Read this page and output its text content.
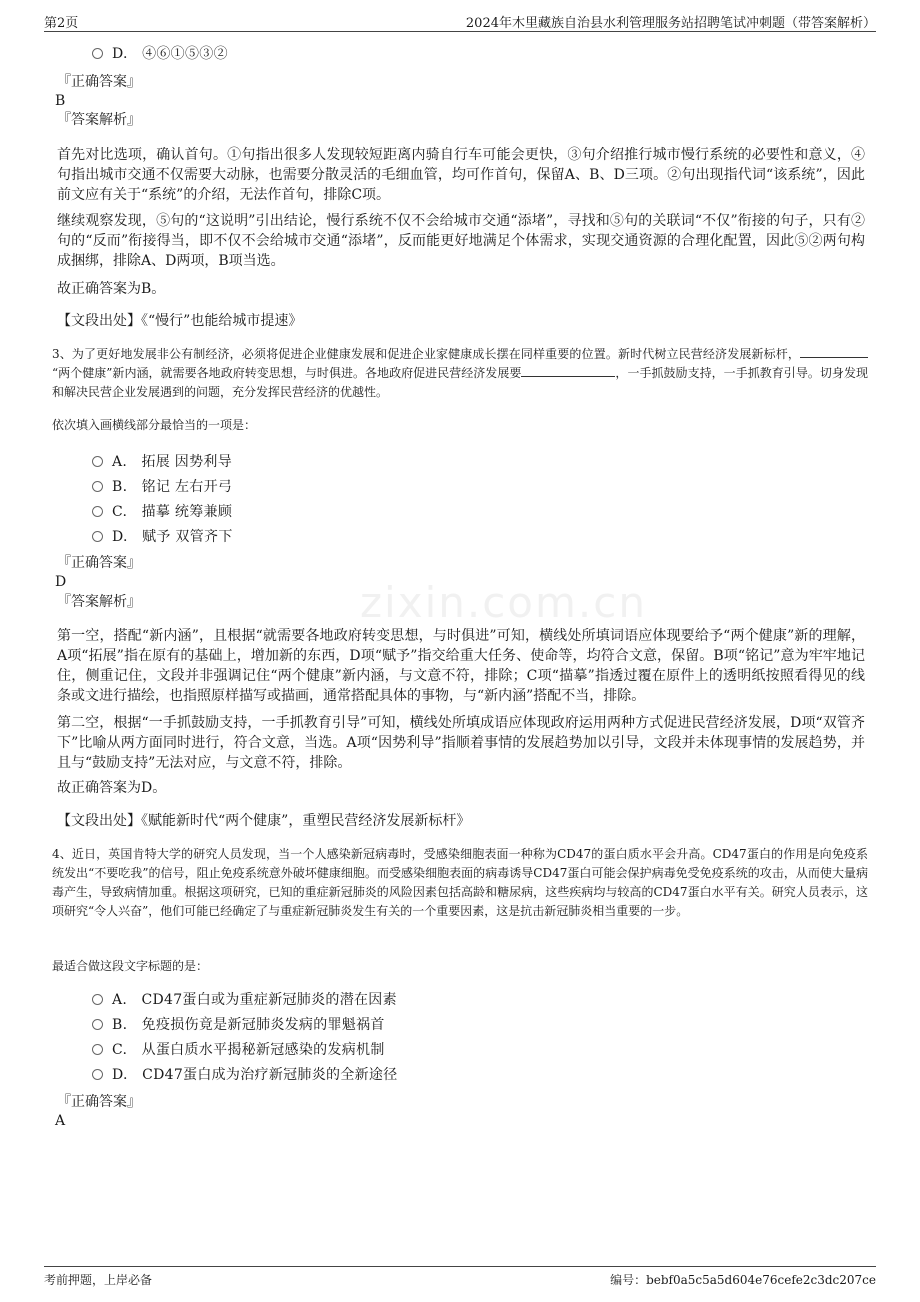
第2页	2024年木里藏族自治县水利管理服务站招聘笔试冲刺题（带答案解析）
zixin.com.cn
D.　④⑥①⑤③②
『正确答案』
B
『答案解析』
首先对比选项，确认首句。①句指出很多人发现较短距离内骑自行车可能会更快，③句介绍推行城市慢行系统的必要性和意义，④句指出城市交通不仅需要大动脉，也需要分散灵活的毛细血管，均可作首句，保留A、B、D三项。②句出现指代词“该系统”，因此前文应有关于“系统”的介绍，无法作首句，排除C项。
继续观察发现，⑤句的“这说明”引出结论，慢行系统不仅不会给城市交通“添堵”，寻找和⑤句的关联词“不仅”衔接的句子，只有②句的“反而”衔接得当，即不仅不会给城市交通“添堵”，反而能更好地满足个体需求，实现交通资源的合理化配置，因此⑤②两句构成捆绑，排除A、D两项，B项当选。
故正确答案为B。
【文段出处】《“慢行”也能给城市提速》
3、为了更好地发展非公有制经济，必须将促进企业健康发展和促进企业家健康成长摆在同样重要的位置。新时代树立民营经济发展新标杆，“两个健康”新内涵，就需要各地政府转变思想，与时俱进。各地政府促进民营经济发展要	，一手抓鼓励支持，一手抓教育引导。切身发现和解决民营企业发展遇到的问题，充分发挥民营经济的优越性。
依次填入画横线部分最恰当的一项是：
A.　拓展 因势利导
B.　铭记 左右开弓
C.　描摹 统筹兼顾
D.　赋予 双管齐下
『正确答案』
D
『答案解析』
第一空，搭配“新内涵”，且根据“就需要各地政府转变思想，与时俱进”可知，横线处所填词语应体现要给予“两个健康”新的理解，A项“拓展”指在原有的基础上，增加新的东西，D项“赋予”指交给重大任务、使命等，均符合文意，保留。B项“铭记”意为牢牢地记住，侧重记住，文段并非强调记住“两个健康”新内涵，与文意不符，排除；C项“描摹”指透过覆在原件上的透明纸按照看得见的线条或文进行描绘，也指照原样描写或描画，通常搭配具体的事物，与“新内涵”搭配不当，排除。
第二空，根据“一手抓鼓励支持，一手抓教育引导”可知，横线处所填成语应体现政府运用两种方式促进民营经济发展，D项“双管齐下”比喻从两方面同时进行，符合文意，当选。A项“因势利导”指顺着事情的发展趋势加以引导，文段并未体现事情的发展趋势，并且与“鼓励支持”无法对应，与文意不符，排除。
故正确答案为D。
【文段出处】《赋能新时代“两个健康”，重塑民营经济发展新标杆》
4、近日，英国肯特大学的研究人员发现，当一个人感染新冠病毒时，受感染细胞表面一种称为CD47的蛋白质水平会升高。CD47蛋白的作用是向免疫系统发出“不要吃我”的信号，阻止免疫系统意外破坏健康细胞。而受感染细胞表面的病毒诱导CD47蛋白可能会保护病毒免受免疫系统的攻击，从而使大量病毒产生，导致病情加重。根据这项研究，已知的重症新冠肺炎的风险因素包括高龄和糖尿病，这些疾病均与较高的CD47蛋白水平有关。研究人员表示，这项研究“令人兴奋”，他们可能已经确定了与重症新冠肺炎发生有关的一个重要因素，这是抗击新冠肺炎相当重要的一步。
最适合做这段文字标题的是：
A.　CD47蛋白或为重症新冠肺炎的潜在因素
B.　免疫损伤竟是新冠肺炎发病的罪魁祸首
C.　从蛋白质水平揭秘新冠感染的发病机制
D.　CD47蛋白成为治疗新冠肺炎的全新途径
『正确答案』
A
考前押题，上岸必备	编号：bebf0a5c5a5d604e76cefe2c3dc207ce
